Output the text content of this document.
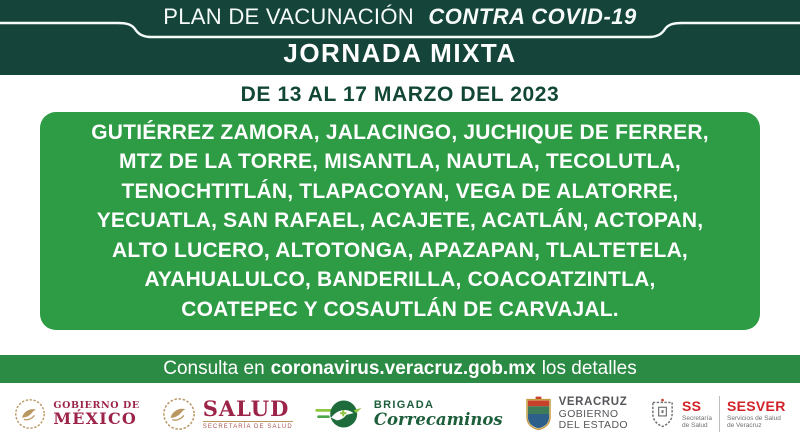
PLAN DE VACUNACIÓN CONTRA COVID-19
JORNADA MIXTA
DE 13 AL 17 MARZO DEL 2023
GUTIÉRREZ ZAMORA, JALACINGO, JUCHIQUE DE FERRER,
MTZ DE LA TORRE, MISANTLA, NAUTLA, TECOLUTLA,
TENOCHTITLÁN, TLAPACOYAN, VEGA DE ALATORRE,
YECUATLA, SAN RAFAEL, ACAJETE, ACATLÁN, ACTOPAN,
ALTO LUCERO, ALTOTONGA, APAZAPAN, TLALTETELA,
AYAHUALULCO, BANDERILLA, COACOATZINTLA,
COATEPEC Y COSAUTLÁN DE CARVAJAL.
Consulta en coronavirus.veracruz.gob.mx los detalles
GOBIERNO DE
MÉXICO	SALUD
SECRETARÍA DE SALUD
BRIGADA
Correcaminos
VERACRUZ
GOBIERNO
DEL ESTADO
SS
Secretaría
de Salud
SESVER
Servicios de Salud
de Veracruz
